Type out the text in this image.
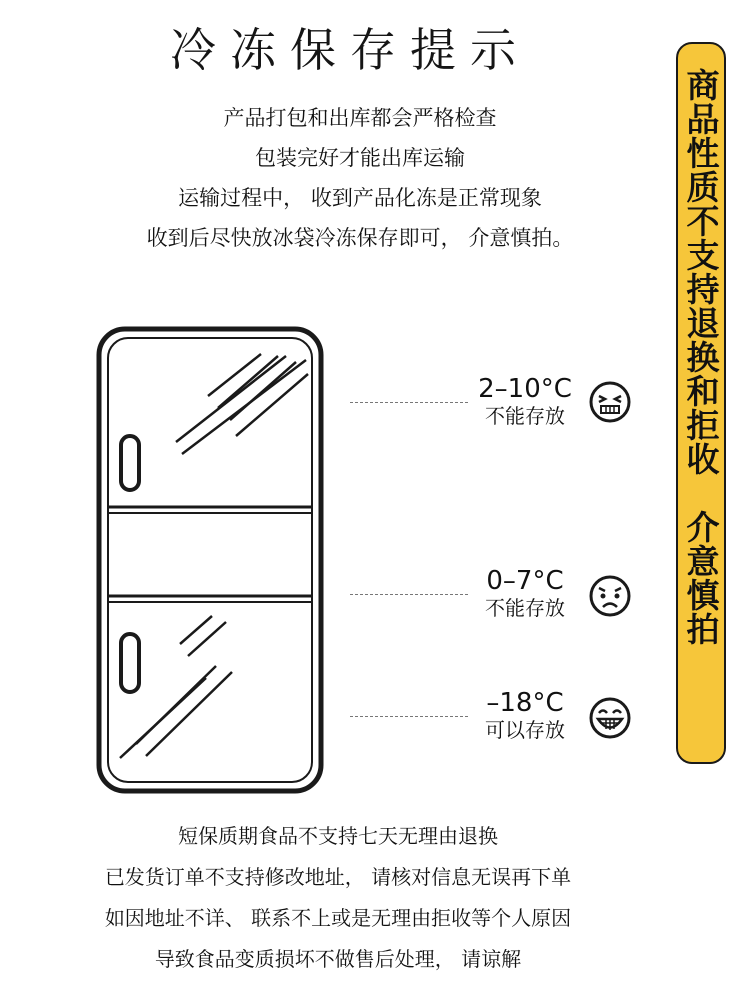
冷冻保存提示
产品打包和出库都会严格检查
包装完好才能出库运输
运输过程中， 收到产品化冻是正常现象
收到后尽快放冰袋冷冻保存即可， 介意慎拍。	商品性质不支持退换和拒收
介意慎拍
2–10°C
不能存放
0–7°C
不能存放
–18°C
可以存放
短保质期食品不支持七天无理由退换
已发货订单不支持修改地址， 请核对信息无误再下单
如因地址不详、 联系不上或是无理由拒收等个人原因
导致食品变质损坏不做售后处理， 请谅解
